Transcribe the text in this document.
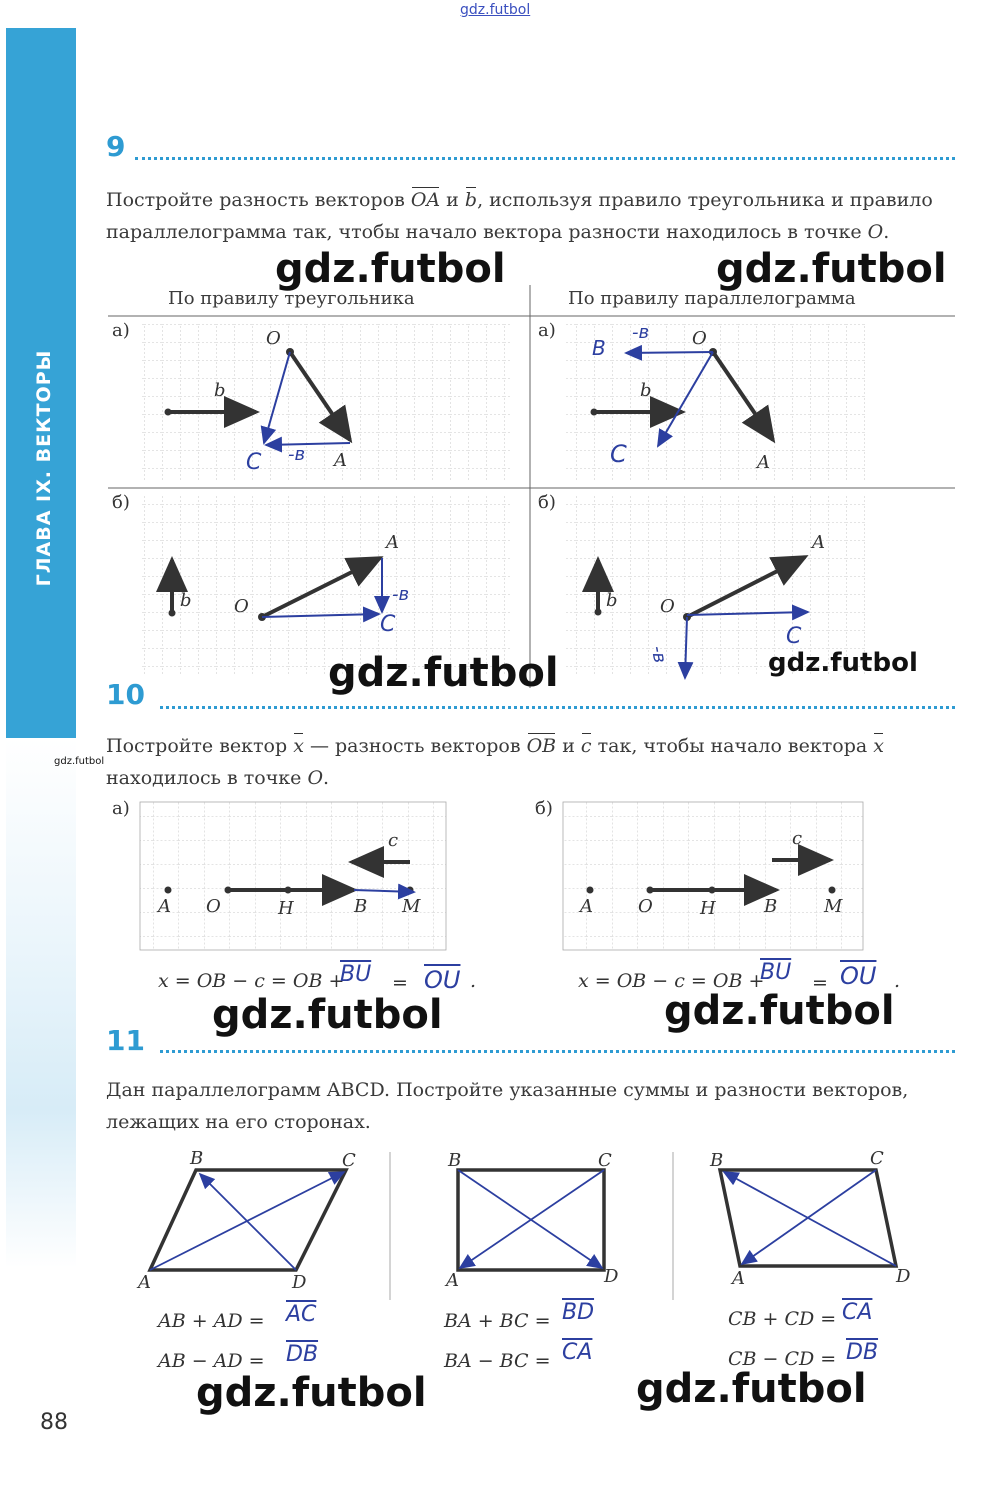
gdz.futbol
ГЛАВА IX. ВЕКТОРЫ
9

Постройте разность векторов OA и b, используя правило треугольника и правило параллелограмма так, чтобы начало вектора разности находилось в точке O.

По правилу треугольника	По правилу параллелограмма
а)	а)
б)	б)
O
A
b
C -в
O
A
b
B
-в
C
A
O
b	-в
C
A
O
b
C
-в
gdz.futbol	gdz.futbol
gdz.futbol	gdz.futbol
gdz.futbol
10

Постройте вектор x — разность векторов OB и c так, чтобы начало вектора x находилось в точке O.

а)	б)
A O	H	B M
c
A	O	H	B	M
c
x = OB − c = OB +
$\overline{BU} = \overline{OU}$ .	x = OB − c = OB +
$\overline{BU} = \overline{OU}$ .
gdz.futbol	gdz.futbol
11

Дан параллелограмм ABCD. Постройте указанные суммы и разности векторов, лежащих на его сторонах.

B	C
A	D
B	C
A	D
B	C
A	D
AB + AD = $\overline{AC}$
AB − AD = $\overline{DB}$
BA + BC = $\overline{BD}$
BA − BC = $\overline{CA}$
CB + CD = $\overline{CA}$
CB − CD = $\overline{DB}$
gdz.futbol	gdz.futbol
88
